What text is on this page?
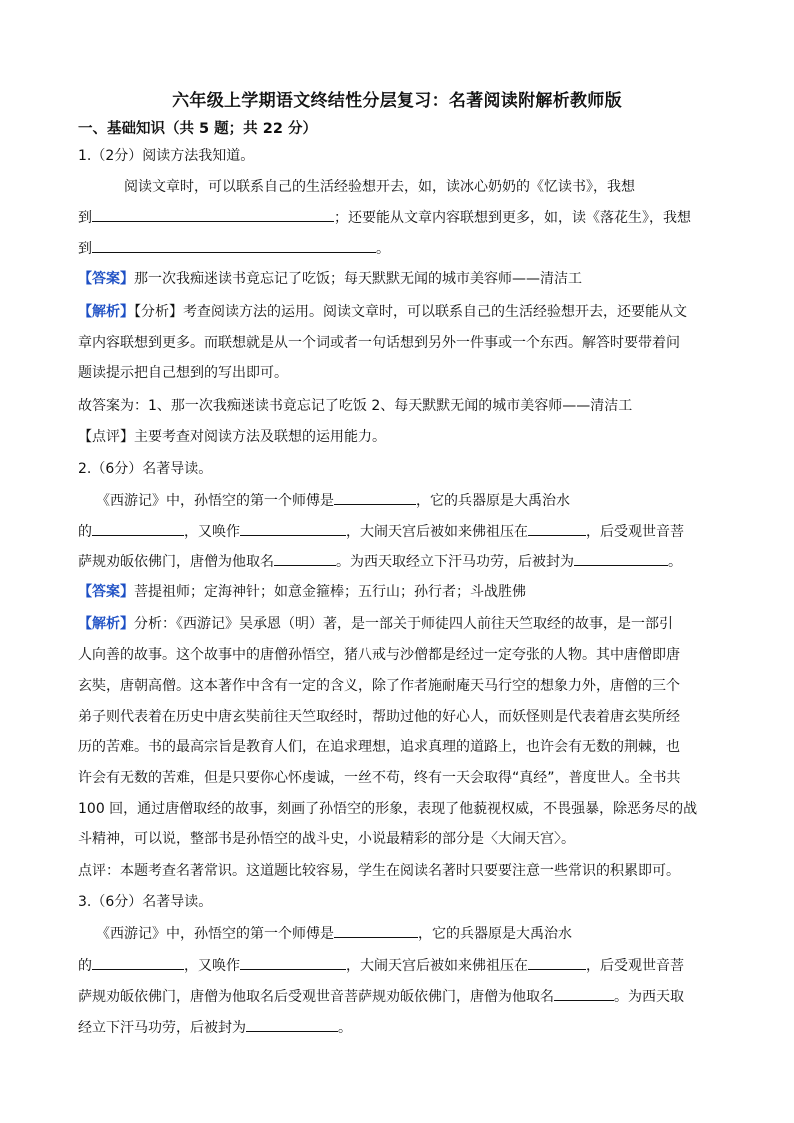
六年级上学期语文终结性分层复习：名著阅读附解析教师版
一、基础知识（共 5 题；共 22 分）
1.（2分）阅读方法我知道。
阅读文章时，可以联系自己的生活经验想开去，如，读冰心奶奶的《忆读书》，我想
到	；还要能从文章内容联想到更多，如，读《落花生》，我想
到	。
【答案】那一次我痴迷读书竟忘记了吃饭；每天默默无闻的城市美容师——清洁工
【解析】【分析】考查阅读方法的运用。阅读文章时，可以联系自己的生活经验想开去，还要能从文
章内容联想到更多。而联想就是从一个词或者一句话想到另外一件事或一个东西。解答时要带着问
题读提示把自己想到的写出即可。
故答案为：1、那一次我痴迷读书竟忘记了吃饭 2、每天默默无闻的城市美容师——清洁工
【点评】主要考查对阅读方法及联想的运用能力。
2.（6分）名著导读。
《西游记》中，孙悟空的第一个师傅是	，它的兵器原是大禹治水
的	，又唤作	，大闹天宫后被如来佛祖压在	，后受观世音菩
萨规劝皈依佛门，唐僧为他取名	。为西天取经立下汗马功劳，后被封为	。
【答案】菩提祖师；定海神针；如意金箍棒；五行山；孙行者；斗战胜佛
【解析】分析：《西游记》吴承恩（明）著，是一部关于师徒四人前往天竺取经的故事，是一部引
人向善的故事。这个故事中的唐僧孙悟空，猪八戒与沙僧都是经过一定夸张的人物。其中唐僧即唐
玄奘，唐朝高僧。这本著作中含有一定的含义，除了作者施耐庵天马行空的想象力外，唐僧的三个
弟子则代表着在历史中唐玄奘前往天竺取经时，帮助过他的好心人，而妖怪则是代表着唐玄奘所经
历的苦难。书的最高宗旨是教育人们，在追求理想，追求真理的道路上，也许会有无数的荆棘，也
许会有无数的苦难，但是只要你心怀虔诚，一丝不苟，终有一天会取得“真经”，普度世人。全书共
100 回，通过唐僧取经的故事，刻画了孙悟空的形象，表现了他藐视权威，不畏强暴，除恶务尽的战
斗精神，可以说，整部书是孙悟空的战斗史，小说最精彩的部分是〈大闹天宫〉。
点评：本题考查名著常识。这道题比较容易，学生在阅读名著时只要要注意一些常识的积累即可。
3.（6分）名著导读。
《西游记》中，孙悟空的第一个师傅是	，它的兵器原是大禹治水
的	，又唤作	，大闹天宫后被如来佛祖压在	，后受观世音菩
萨规劝皈依佛门，唐僧为他取名后受观世音菩萨规劝皈依佛门，唐僧为他取名	。为西天取
经立下汗马功劳，后被封为	。
